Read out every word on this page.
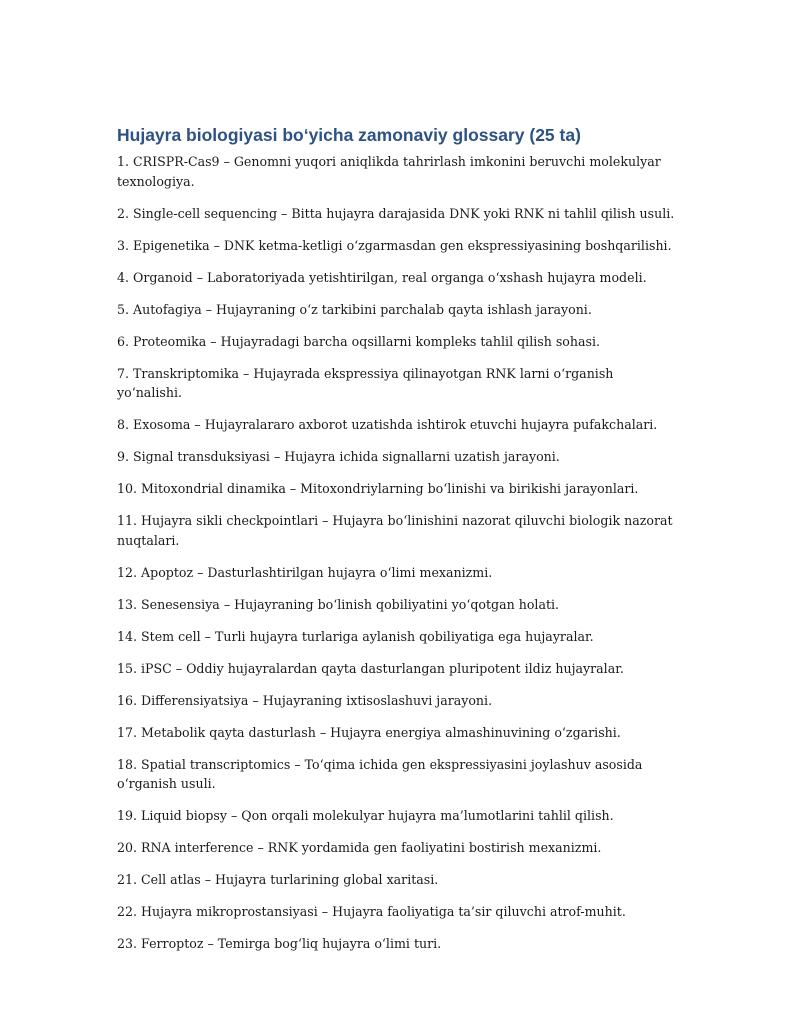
Hujayra biologiyasi bo‘yicha zamonaviy glossary (25 ta)
1. CRISPR-Cas9 – Genomni yuqori aniqlikda tahrirlash imkonini beruvchi molekulyar texnologiya.
2. Single-cell sequencing – Bitta hujayra darajasida DNK yoki RNK ni tahlil qilish usuli.
3. Epigenetika – DNK ketma-ketligi o‘zgarmasdan gen ekspressiyasining boshqarilishi.
4. Organoid – Laboratoriyada yetishtirilgan, real organga o‘xshash hujayra modeli.
5. Autofagiya – Hujayraning o‘z tarkibini parchalab qayta ishlash jarayoni.
6. Proteomika – Hujayradagi barcha oqsillarni kompleks tahlil qilish sohasi.
7. Transkriptomika – Hujayrada ekspressiya qilinayotgan RNK larni o‘rganish yo‘nalishi.
8. Exosoma – Hujayralararo axborot uzatishda ishtirok etuvchi hujayra pufakchalari.
9. Signal transduksiyasi – Hujayra ichida signallarni uzatish jarayoni.
10. Mitoxondrial dinamika – Mitoxondriylarning bo‘linishi va birikishi jarayonlari.
11. Hujayra sikli checkpointlari – Hujayra bo‘linishini nazorat qiluvchi biologik nazorat nuqtalari.
12. Apoptoz – Dasturlashtirilgan hujayra o‘limi mexanizmi.
13. Senesensiya – Hujayraning bo‘linish qobiliyatini yo‘qotgan holati.
14. Stem cell – Turli hujayra turlariga aylanish qobiliyatiga ega hujayralar.
15. iPSC – Oddiy hujayralardan qayta dasturlangan pluripotent ildiz hujayralar.
16. Differensiyatsiya – Hujayraning ixtisoslashuvi jarayoni.
17. Metabolik qayta dasturlash – Hujayra energiya almashinuvining o‘zgarishi.
18. Spatial transcriptomics – To‘qima ichida gen ekspressiyasini joylashuv asosida o‘rganish usuli.
19. Liquid biopsy – Qon orqali molekulyar hujayra ma’lumotlarini tahlil qilish.
20. RNA interference – RNK yordamida gen faoliyatini bostirish mexanizmi.
21. Cell atlas – Hujayra turlarining global xaritasi.
22. Hujayra mikroprostansiyasi – Hujayra faoliyatiga ta’sir qiluvchi atrof-muhit.
23. Ferroptoz – Temirga bog‘liq hujayra o‘limi turi.
